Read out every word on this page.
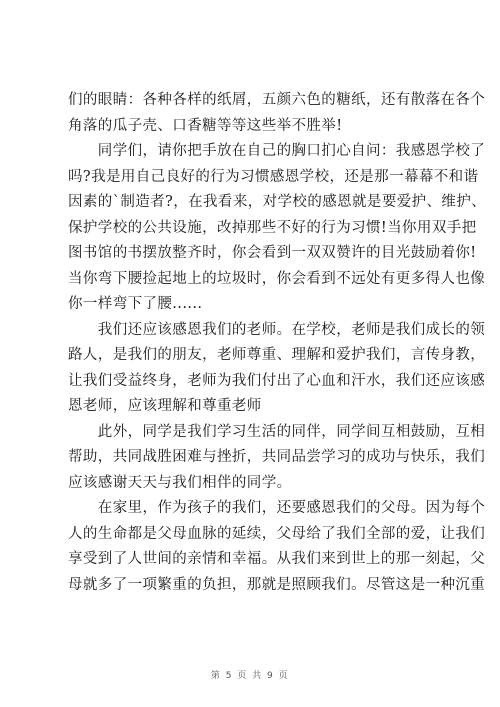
们的眼睛：各种各样的纸屑，五颜六色的糖纸，还有散落在各个
角落的瓜子壳、口香糖等等这些举不胜举!
　　同学们，请你把手放在自己的胸口扪心自问：我感恩学校了
吗?我是用自己良好的行为习惯感恩学校，还是那一幕幕不和谐
因素的`制造者?，在我看来，对学校的感恩就是要爱护、维护、
保护学校的公共设施，改掉那些不好的行为习惯!当你用双手把
图书馆的书摆放整齐时，你会看到一双双赞许的目光鼓励着你!
当你弯下腰捡起地上的垃圾时，你会看到不远处有更多得人也像
你一样弯下了腰......
　　我们还应该感恩我们的老师。在学校，老师是我们成长的领
路人，是我们的朋友，老师尊重、理解和爱护我们，言传身教，
让我们受益终身，老师为我们付出了心血和汗水，我们还应该感
恩老师，应该理解和尊重老师
　　此外，同学是我们学习生活的同伴，同学间互相鼓励，互相
帮助，共同战胜困难与挫折，共同品尝学习的成功与快乐，我们
应该感谢天天与我们相伴的同学。
　　在家里，作为孩子的我们，还要感恩我们的父母。因为每个
人的生命都是父母血脉的延续，父母给了我们全部的爱，让我们
享受到了人世间的亲情和幸福。从我们来到世上的那一刻起，父
母就多了一项繁重的负担，那就是照顾我们。尽管这是一种沉重
第 5 页 共 9 页
